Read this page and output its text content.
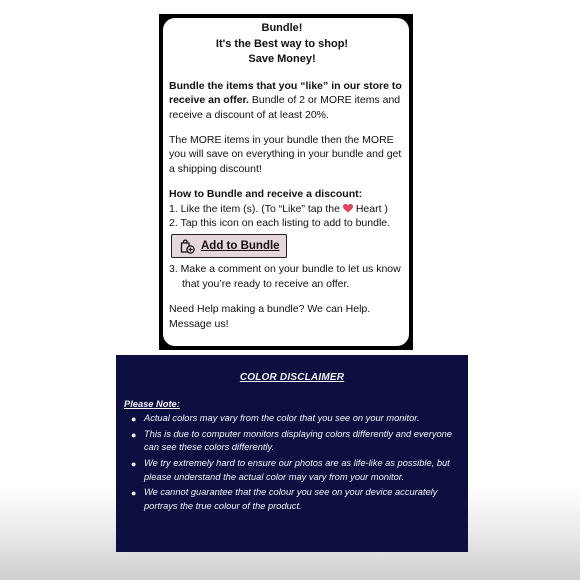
Bundle!
It's the Best way to shop!
Save Money!
Bundle the items that you “like” in our store to receive an offer. Bundle of 2 or MORE items and receive a discount of at least 20%.
The MORE items in your bundle then the MORE you will save on everything in your bundle and get a shipping discount!
How to Bundle and receive a discount:
1. Like the item (s). (To “Like” tap the Heart )
2. Tap this icon on each listing to add to bundle.
Add to Bundle
3. Make a comment on your bundle to let us know
that you’re ready to receive an offer.
Need Help making a bundle? We can Help. Message us!
COLOR DISCLAIMER
Please Note:
● Actual colors may vary from the color that you see on your monitor.
● This is due to computer monitors displaying colors differently and everyone can see these colors differently.
● We try extremely hard to ensure our photos are as life-like as possible, but please understand the actual color may vary from your monitor.
● We cannot guarantee that the colour you see on your device accurately portrays the true colour of the product.
